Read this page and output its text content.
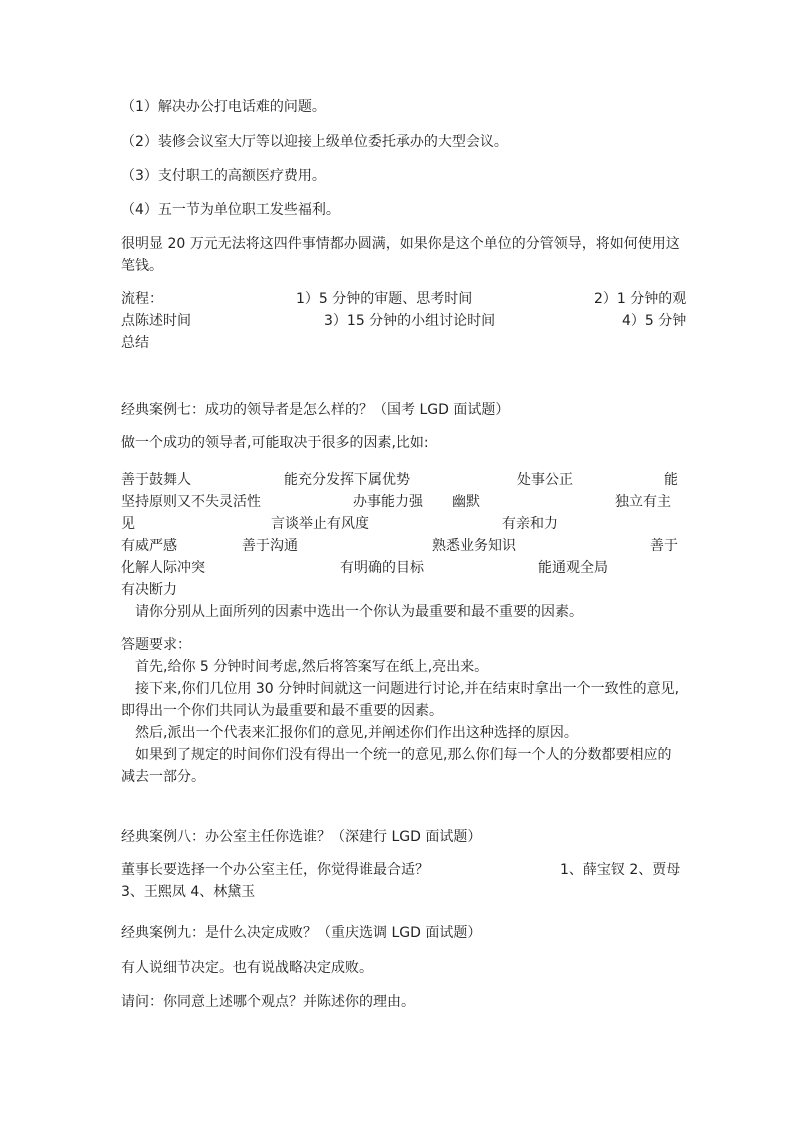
（1）解决办公打电话难的问题。
（2）装修会议室大厅等以迎接上级单位委托承办的大型会议。
（3）支付职工的高额医疗费用。
（4）五一节为单位职工发些福利。
很明显 20 万元无法将这四件事情都办圆满，如果你是这个单位的分管领导，将如何使用这
笔钱。
流程：	1）5 分钟的审题、思考时间	2）1 分钟的观
点陈述时间	3）15 分钟的小组讨论时间	4）5 分钟
总结
经典案例七：成功的领导者是怎么样的？（国考 LGD 面试题）
做一个成功的领导者,可能取决于很多的因素,比如:
善于鼓舞人	能充分发挥下属优势	处事公正	能
坚持原则又不失灵活性	办事能力强 幽默	独立有主
见	言谈举止有风度	有亲和力
有威严感	善于沟通	熟悉业务知识	善于
化解人际冲突	有明确的目标	能通观全局
有决断力
请你分别从上面所列的因素中选出一个你认为最重要和最不重要的因素。
答题要求：
首先,给你 5 分钟时间考虑,然后将答案写在纸上,亮出来。
接下来,你们几位用 30 分钟时间就这一问题进行讨论,并在结束时拿出一个一致性的意见,
即得出一个你们共同认为最重要和最不重要的因素。
然后,派出一个代表来汇报你们的意见,并阐述你们作出这种选择的原因。
如果到了规定的时间你们没有得出一个统一的意见,那么你们每一个人的分数都要相应的
减去一部分。
经典案例八：办公室主任你选谁？（深建行 LGD 面试题）
董事长要选择一个办公室主任，你觉得谁最合适？	1、薛宝钗 2、贾母
3、王熙凤 4、林黛玉
经典案例九：是什么决定成败？（重庆选调 LGD 面试题）
有人说细节决定。也有说战略决定成败。
请问：你同意上述哪个观点？并陈述你的理由。
